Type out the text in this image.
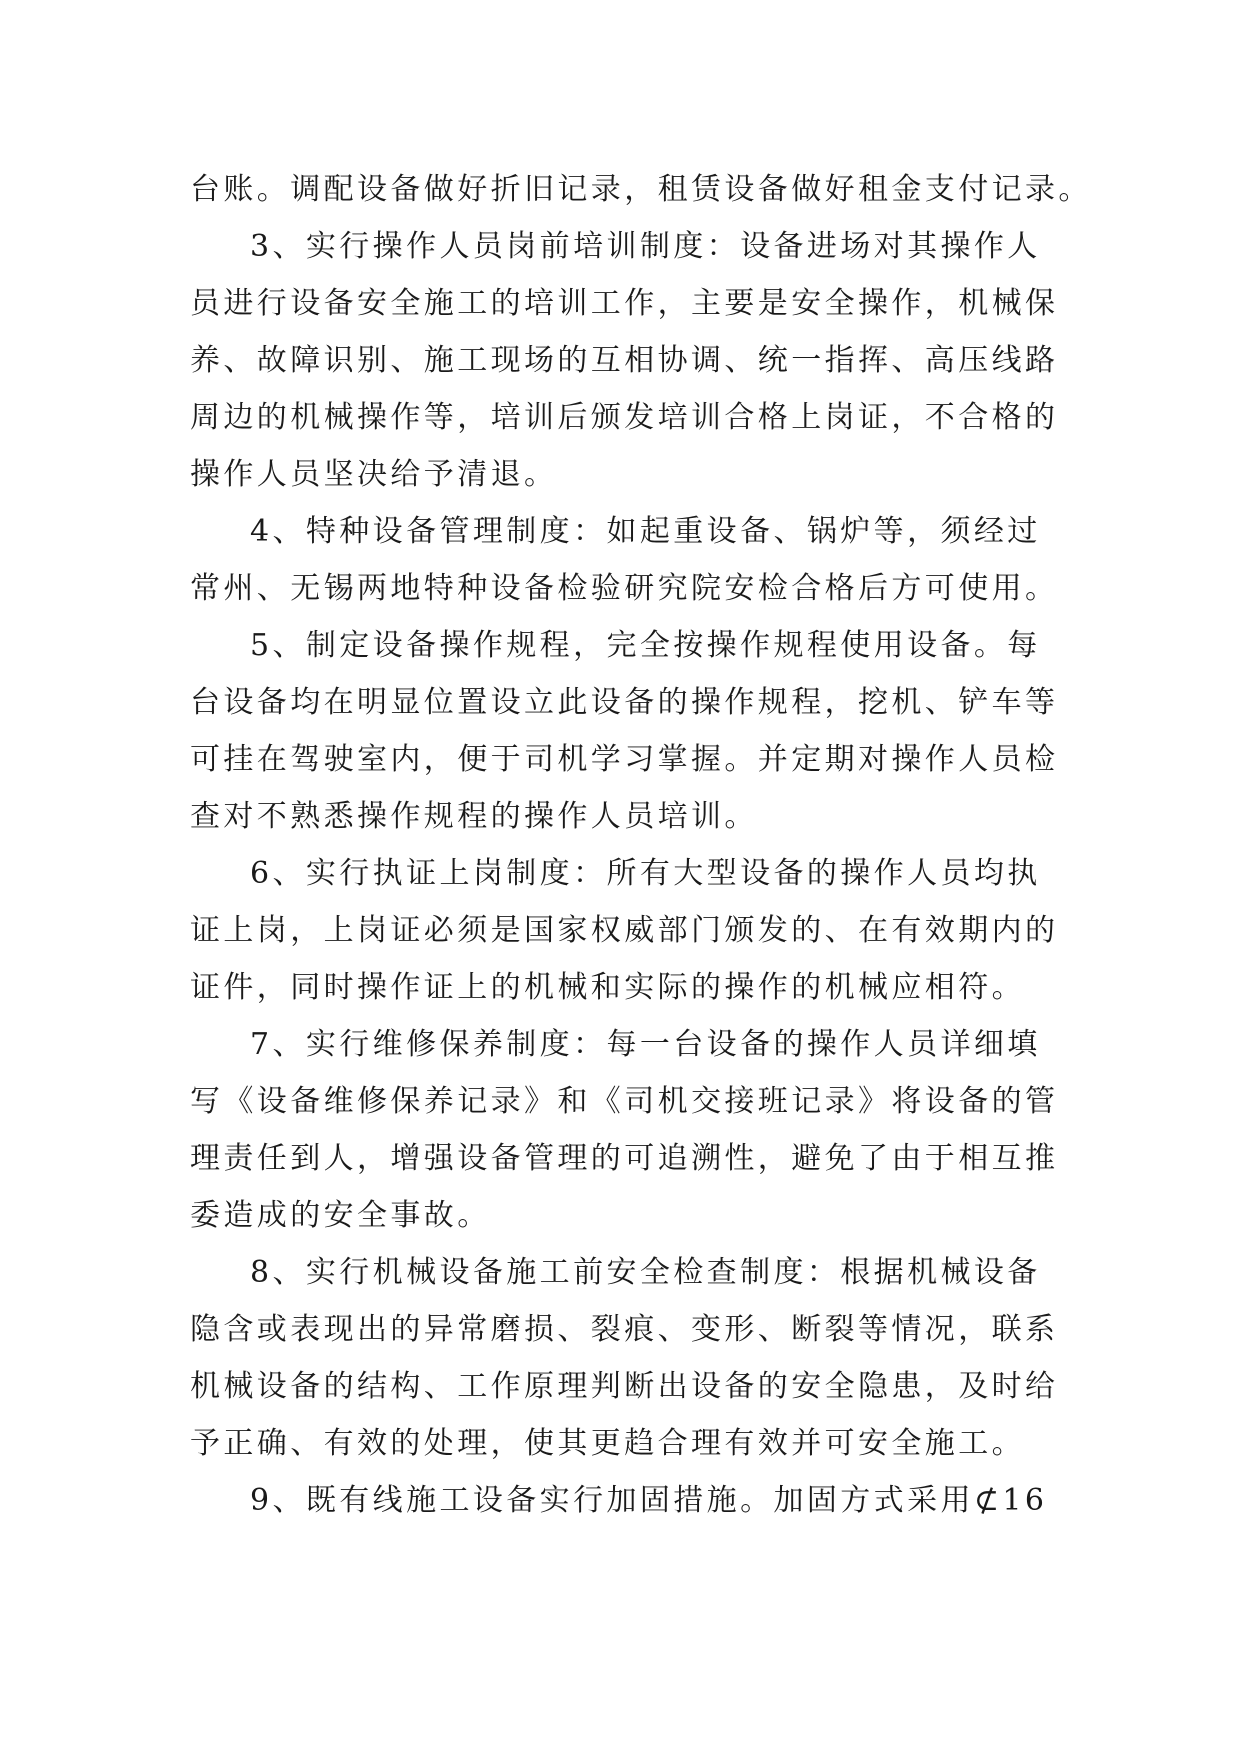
台账。调配设备做好折旧记录，租赁设备做好租金支付记录。
3、实行操作人员岗前培训制度：设备进场对其操作人
员进行设备安全施工的培训工作，主要是安全操作，机械保
养、故障识别、施工现场的互相协调、统一指挥、高压线路
周边的机械操作等，培训后颁发培训合格上岗证，不合格的
操作人员坚决给予清退。
4、特种设备管理制度：如起重设备、锅炉等，须经过
常州、无锡两地特种设备检验研究院安检合格后方可使用。
5、制定设备操作规程，完全按操作规程使用设备。每
台设备均在明显位置设立此设备的操作规程，挖机、铲车等
可挂在驾驶室内，便于司机学习掌握。并定期对操作人员检
查对不熟悉操作规程的操作人员培训。
6、实行执证上岗制度：所有大型设备的操作人员均执
证上岗，上岗证必须是国家权威部门颁发的、在有效期内的
证件，同时操作证上的机械和实际的操作的机械应相符。
7、实行维修保养制度：每一台设备的操作人员详细填
写《设备维修保养记录》和《司机交接班记录》将设备的管
理责任到人，增强设备管理的可追溯性，避免了由于相互推
委造成的安全事故。
8、实行机械设备施工前安全检查制度：根据机械设备
隐含或表现出的异常磨损、裂痕、变形、断裂等情况，联系
机械设备的结构、工作原理判断出设备的安全隐患，及时给
予正确、有效的处理，使其更趋合理有效并可安全施工。
9、既有线施工设备实行加固措施。加固方式采用⊄16
